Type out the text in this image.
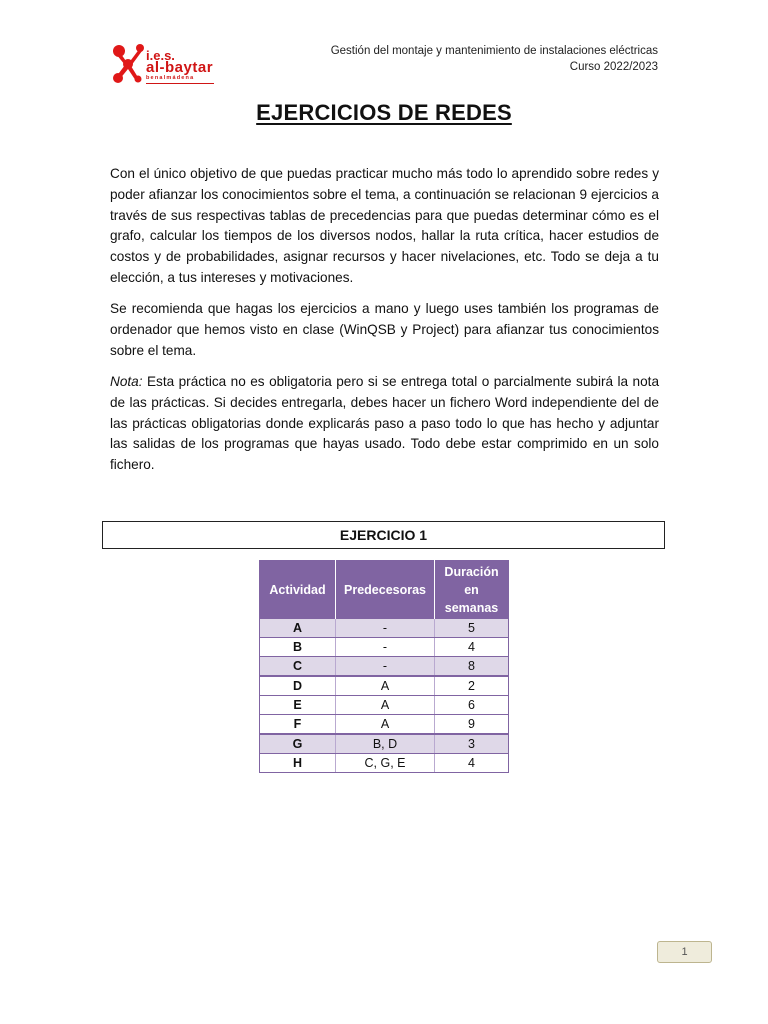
i.e.s.
al-baytar
benalmádena
Gestión del montaje y mantenimiento de instalaciones eléctricas
Curso 2022/2023
EJERCICIOS DE REDES

Con el único objetivo de que puedas practicar mucho más todo lo aprendido sobre redes y poder afianzar los conocimientos sobre el tema, a continuación se relacionan 9 ejercicios a través de sus respectivas tablas de precedencias para que puedas determinar cómo es el grafo, calcular los tiempos de los diversos nodos, hallar la ruta crítica, hacer estudios de costos y de probabilidades, asignar recursos y hacer nivelaciones, etc. Todo se deja a tu elección, a tus intereses y motivaciones.

Se recomienda que hagas los ejercicios a mano y luego uses también los programas de ordenador que hemos visto en clase (WinQSB y Project) para afianzar tus conocimientos sobre el tema.

Nota: Esta práctica no es obligatoria pero si se entrega total o parcialmente subirá la nota de las prácticas. Si decides entregarla, debes hacer un fichero Word independiente del de las prácticas obligatorias donde explicarás paso a paso todo lo que has hecho y adjuntar las salidas de los programas que hayas usado. Todo debe estar comprimido en un solo fichero.

EJERCICIO 1
Actividad	Predecesoras	Duración en semanas
A	-	5
B	-	4
C	-	8
D	A	2
E	A	6
F	A	9
G	B, D	3
H	C, G, E	4
1
